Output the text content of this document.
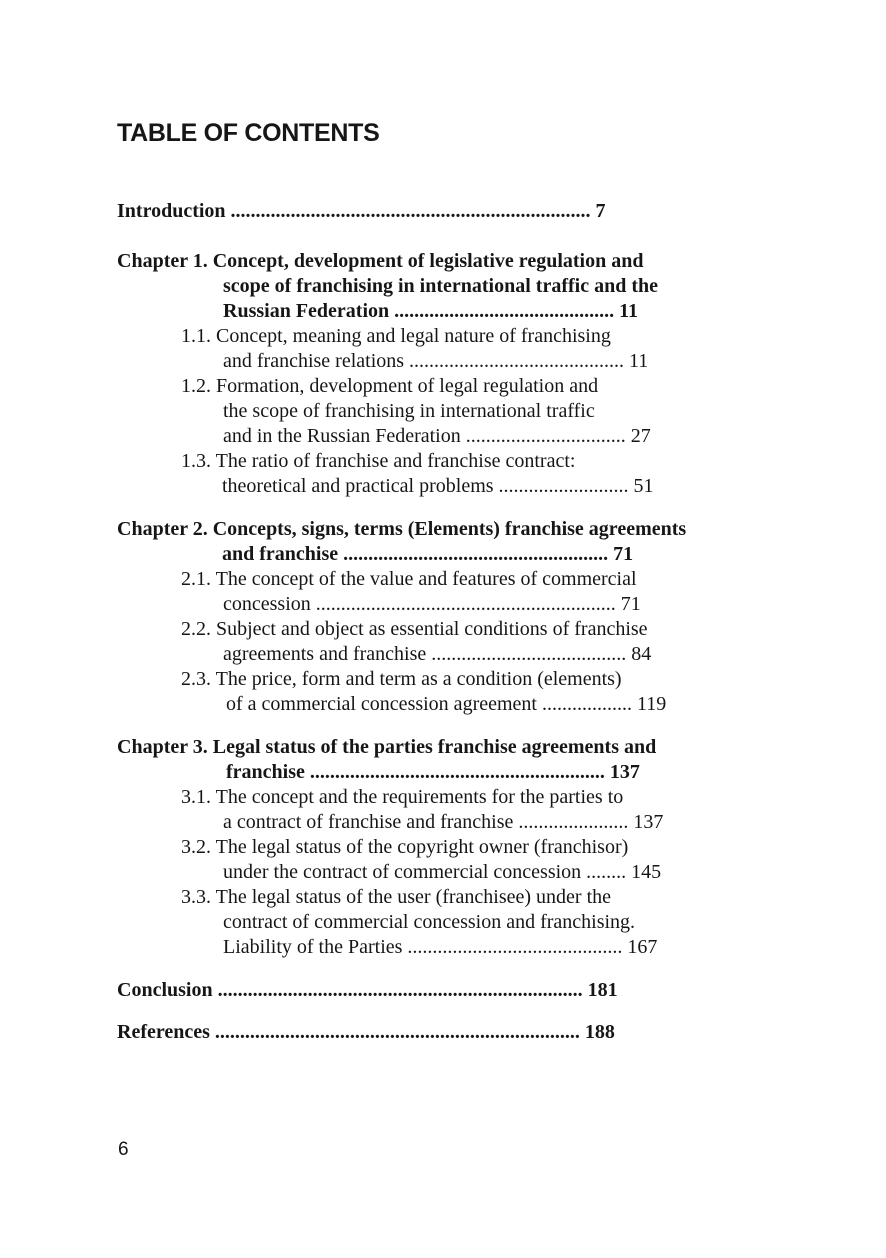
TABLE OF CONTENTS
Introduction ........................................................................ 7
Chapter 1. Concept, development of legislative regulation and
scope of franchising in international traffic and the
Russian Federation ............................................ 11
1.1. Concept, meaning and legal nature of franchising
and franchise relations ........................................... 11
1.2. Formation, development of legal regulation and
the scope of franchising in international traffic
and in the Russian Federation ................................ 27
1.3. The ratio of franchise and franchise contract:
theoretical and practical problems .......................... 51
Chapter 2. Concepts, signs, terms (Elements) franchise agreements
and franchise ..................................................... 71
2.1. The concept of the value and features of commercial
concession ............................................................ 71
2.2. Subject and object as essential conditions of franchise
agreements and franchise ....................................... 84
2.3. The price, form and term as a condition (elements)
of a commercial concession agreement .................. 119
Chapter 3. Legal status of the parties franchise agreements and
franchise ........................................................... 137
3.1. The concept and the requirements for the parties to
a contract of franchise and franchise ...................... 137
3.2. The legal status of the copyright owner (franchisor)
under the contract of commercial concession ........ 145
3.3. The legal status of the user (franchisee) under the
contract of commercial concession and franchising.
Liability of the Parties ........................................... 167
Conclusion ......................................................................... 181
References ......................................................................... 188
6
